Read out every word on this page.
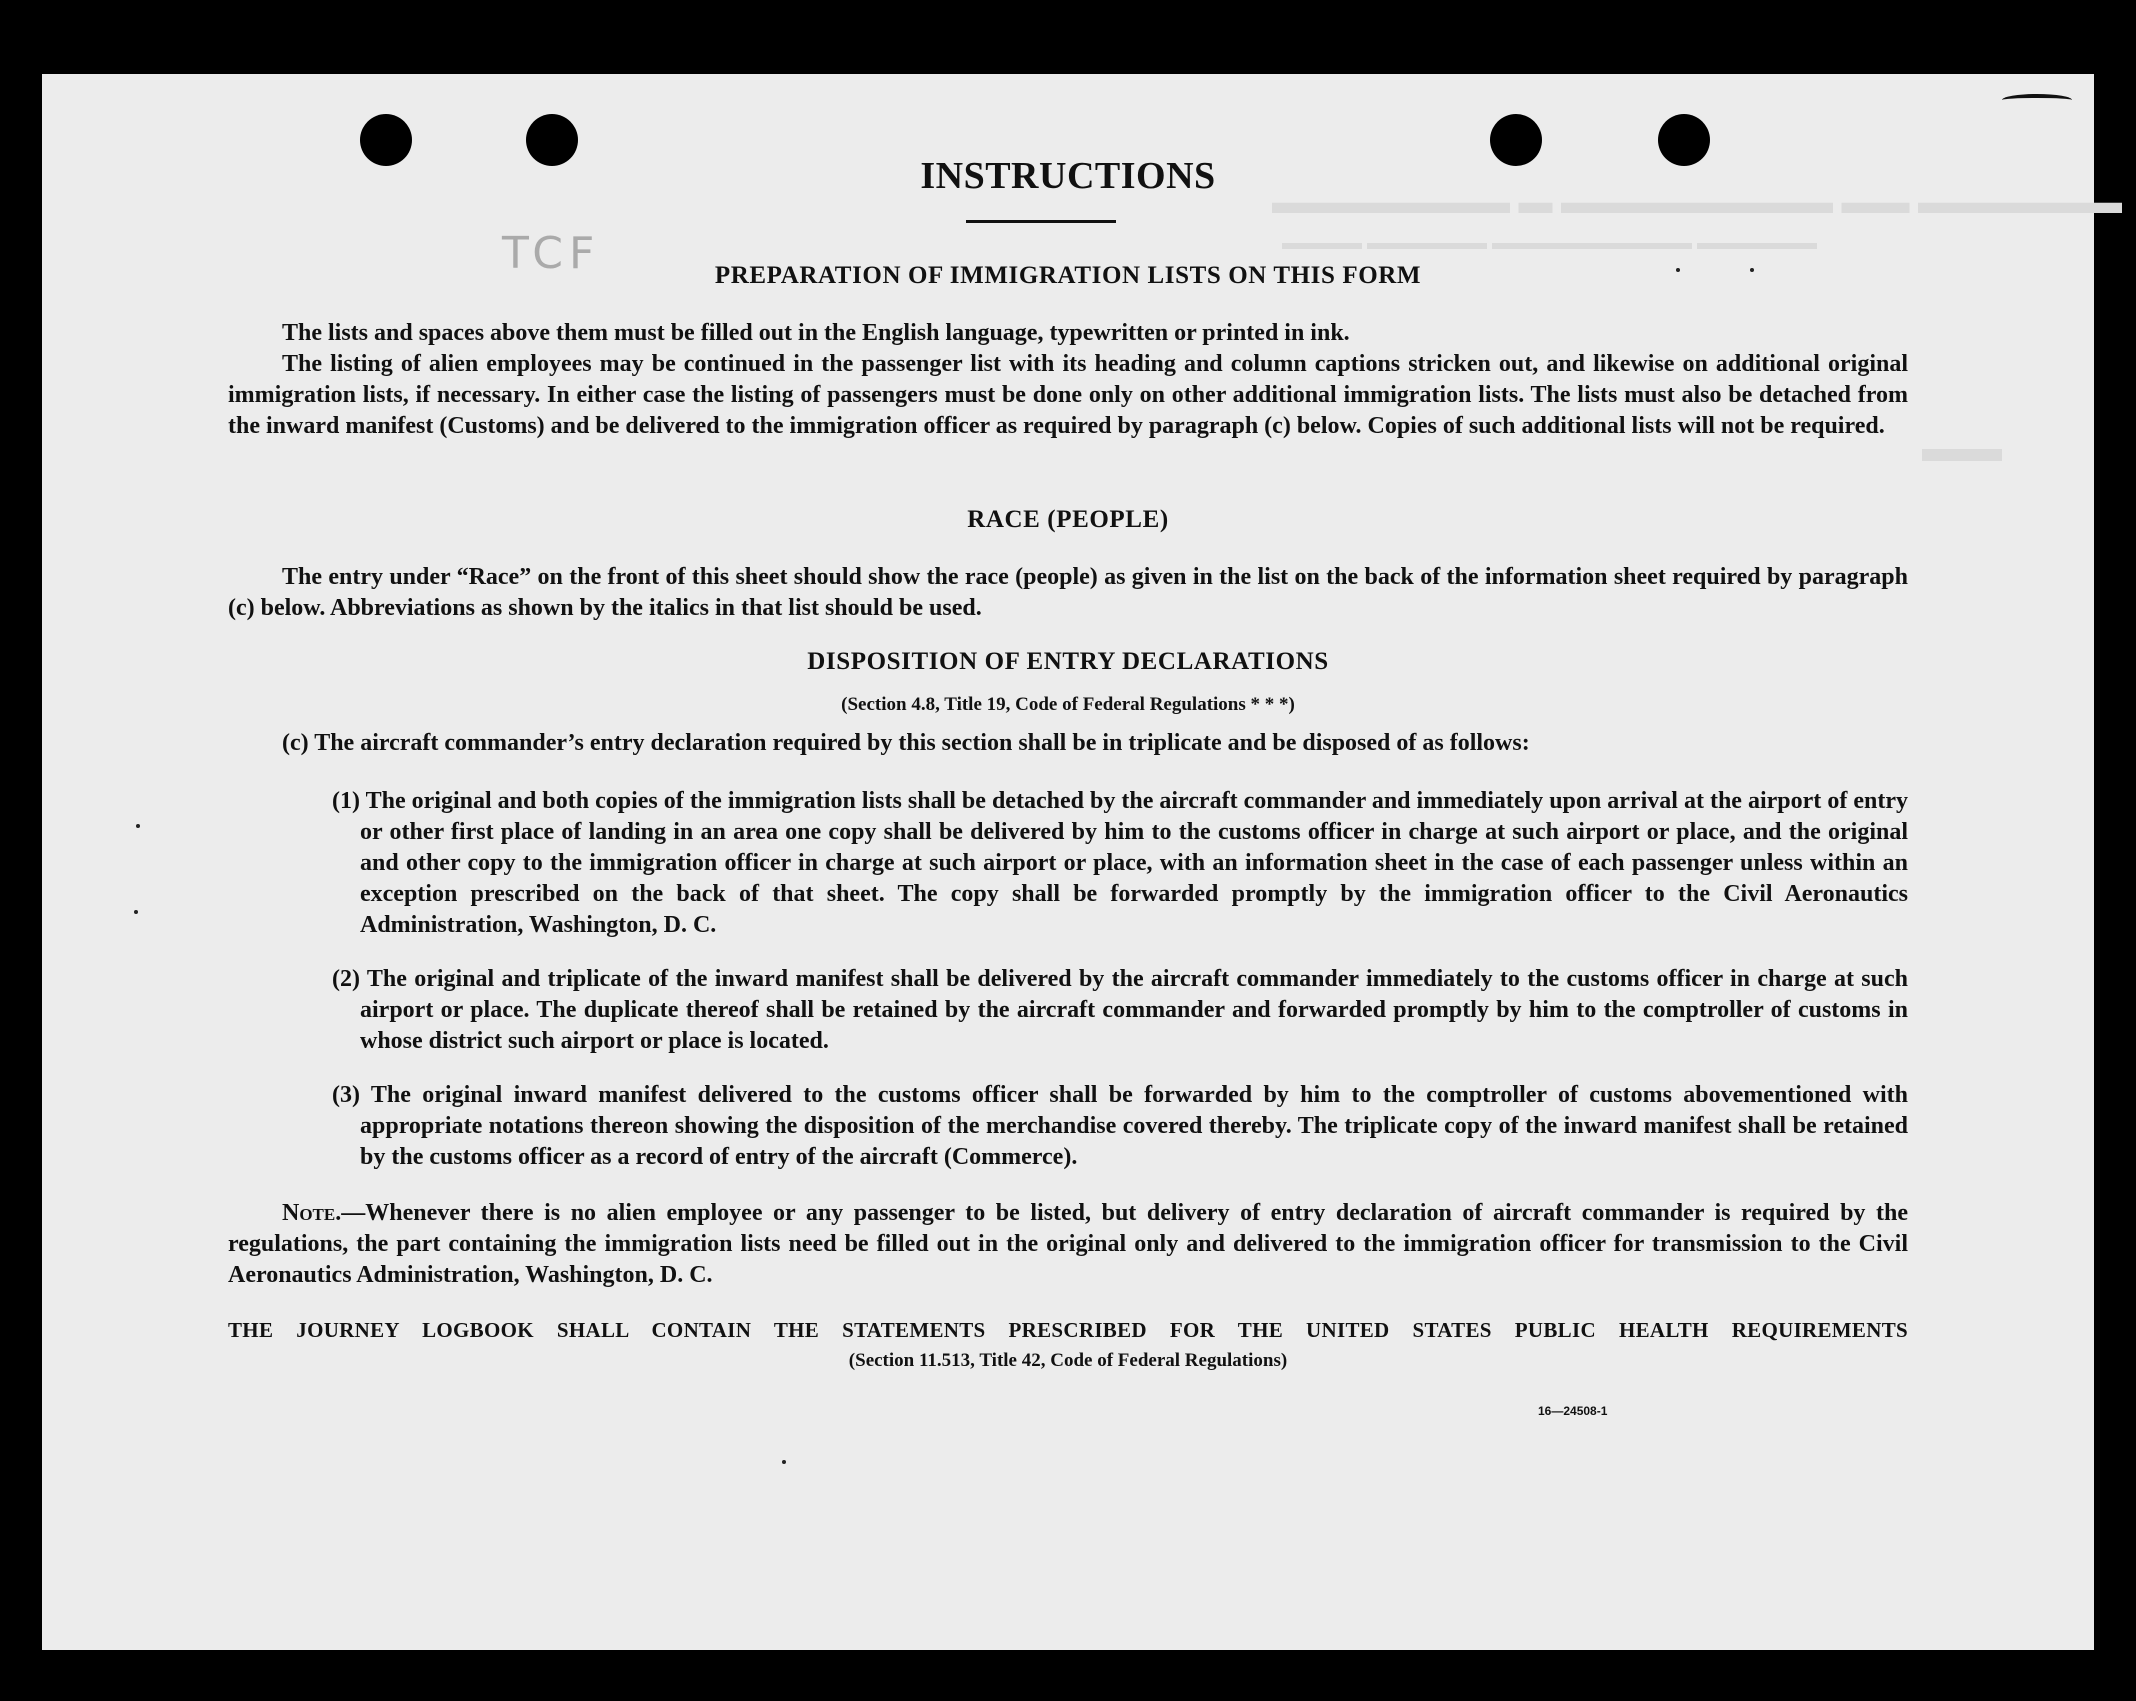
▬▬▬▬▬▬▬ ▬ ▬▬▬▬▬▬▬▬ ▬▬ ▬▬▬▬▬▬
▬▬▬▬ ▬▬▬▬▬▬ ▬▬▬▬▬▬▬▬▬▬ ▬▬▬▬▬▬
▬▬
TCF
INSTRUCTIONS
PREPARATION OF IMMIGRATION LISTS ON THIS FORM

The lists and spaces above them must be filled out in the English language, typewritten or printed in ink.

The listing of alien employees may be continued in the passenger list with its heading and column captions stricken out, and likewise on additional original immigration lists, if necessary. In either case the listing of passengers must be done only on other additional immigration lists. The lists must also be detached from the inward manifest (Customs) and be delivered to the immigration officer as required by paragraph (c) below. Copies of such additional lists will not be required.

RACE (PEOPLE)

The entry under “Race” on the front of this sheet should show the race (people) as given in the list on the back of the information sheet required by paragraph (c) below. Abbreviations as shown by the italics in that list should be used.

DISPOSITION OF ENTRY DECLARATIONS
(Section 4.8, Title 19, Code of Federal Regulations * * *)

(c) The aircraft commander’s entry declaration required by this section shall be in triplicate and be disposed of as follows:

(1) The original and both copies of the immigration lists shall be detached by the aircraft commander and immediately upon arrival at the airport of entry or other first place of landing in an area one copy shall be delivered by him to the customs officer in charge at such airport or place, and the original and other copy to the immigration officer in charge at such airport or place, with an information sheet in the case of each passenger unless within an exception prescribed on the back of that sheet. The copy shall be forwarded promptly by the immigration officer to the Civil Aeronautics Administration, Washington, D. C.

(2) The original and triplicate of the inward manifest shall be delivered by the aircraft commander immediately to the customs officer in charge at such airport or place. The duplicate thereof shall be retained by the aircraft commander and forwarded promptly by him to the comptroller of customs in whose district such airport or place is located.

(3) The original inward manifest delivered to the customs officer shall be forwarded by him to the comptroller of customs abovementioned with appropriate notations thereon showing the disposition of the merchandise covered thereby. The triplicate copy of the inward manifest shall be retained by the customs officer as a record of entry of the aircraft (Commerce).

Note.—Whenever there is no alien employee or any passenger to be listed, but delivery of entry declaration of aircraft commander is required by the regulations, the part containing the immigration lists need be filled out in the original only and delivered to the immigration officer for transmission to the Civil Aeronautics Administration, Washington, D. C.

THE JOURNEY LOGBOOK SHALL CONTAIN THE STATEMENTS PRESCRIBED FOR THE UNITED STATES PUBLIC HEALTH REQUIREMENTS
(Section 11.513, Title 42, Code of Federal Regulations)
16—24508-1
